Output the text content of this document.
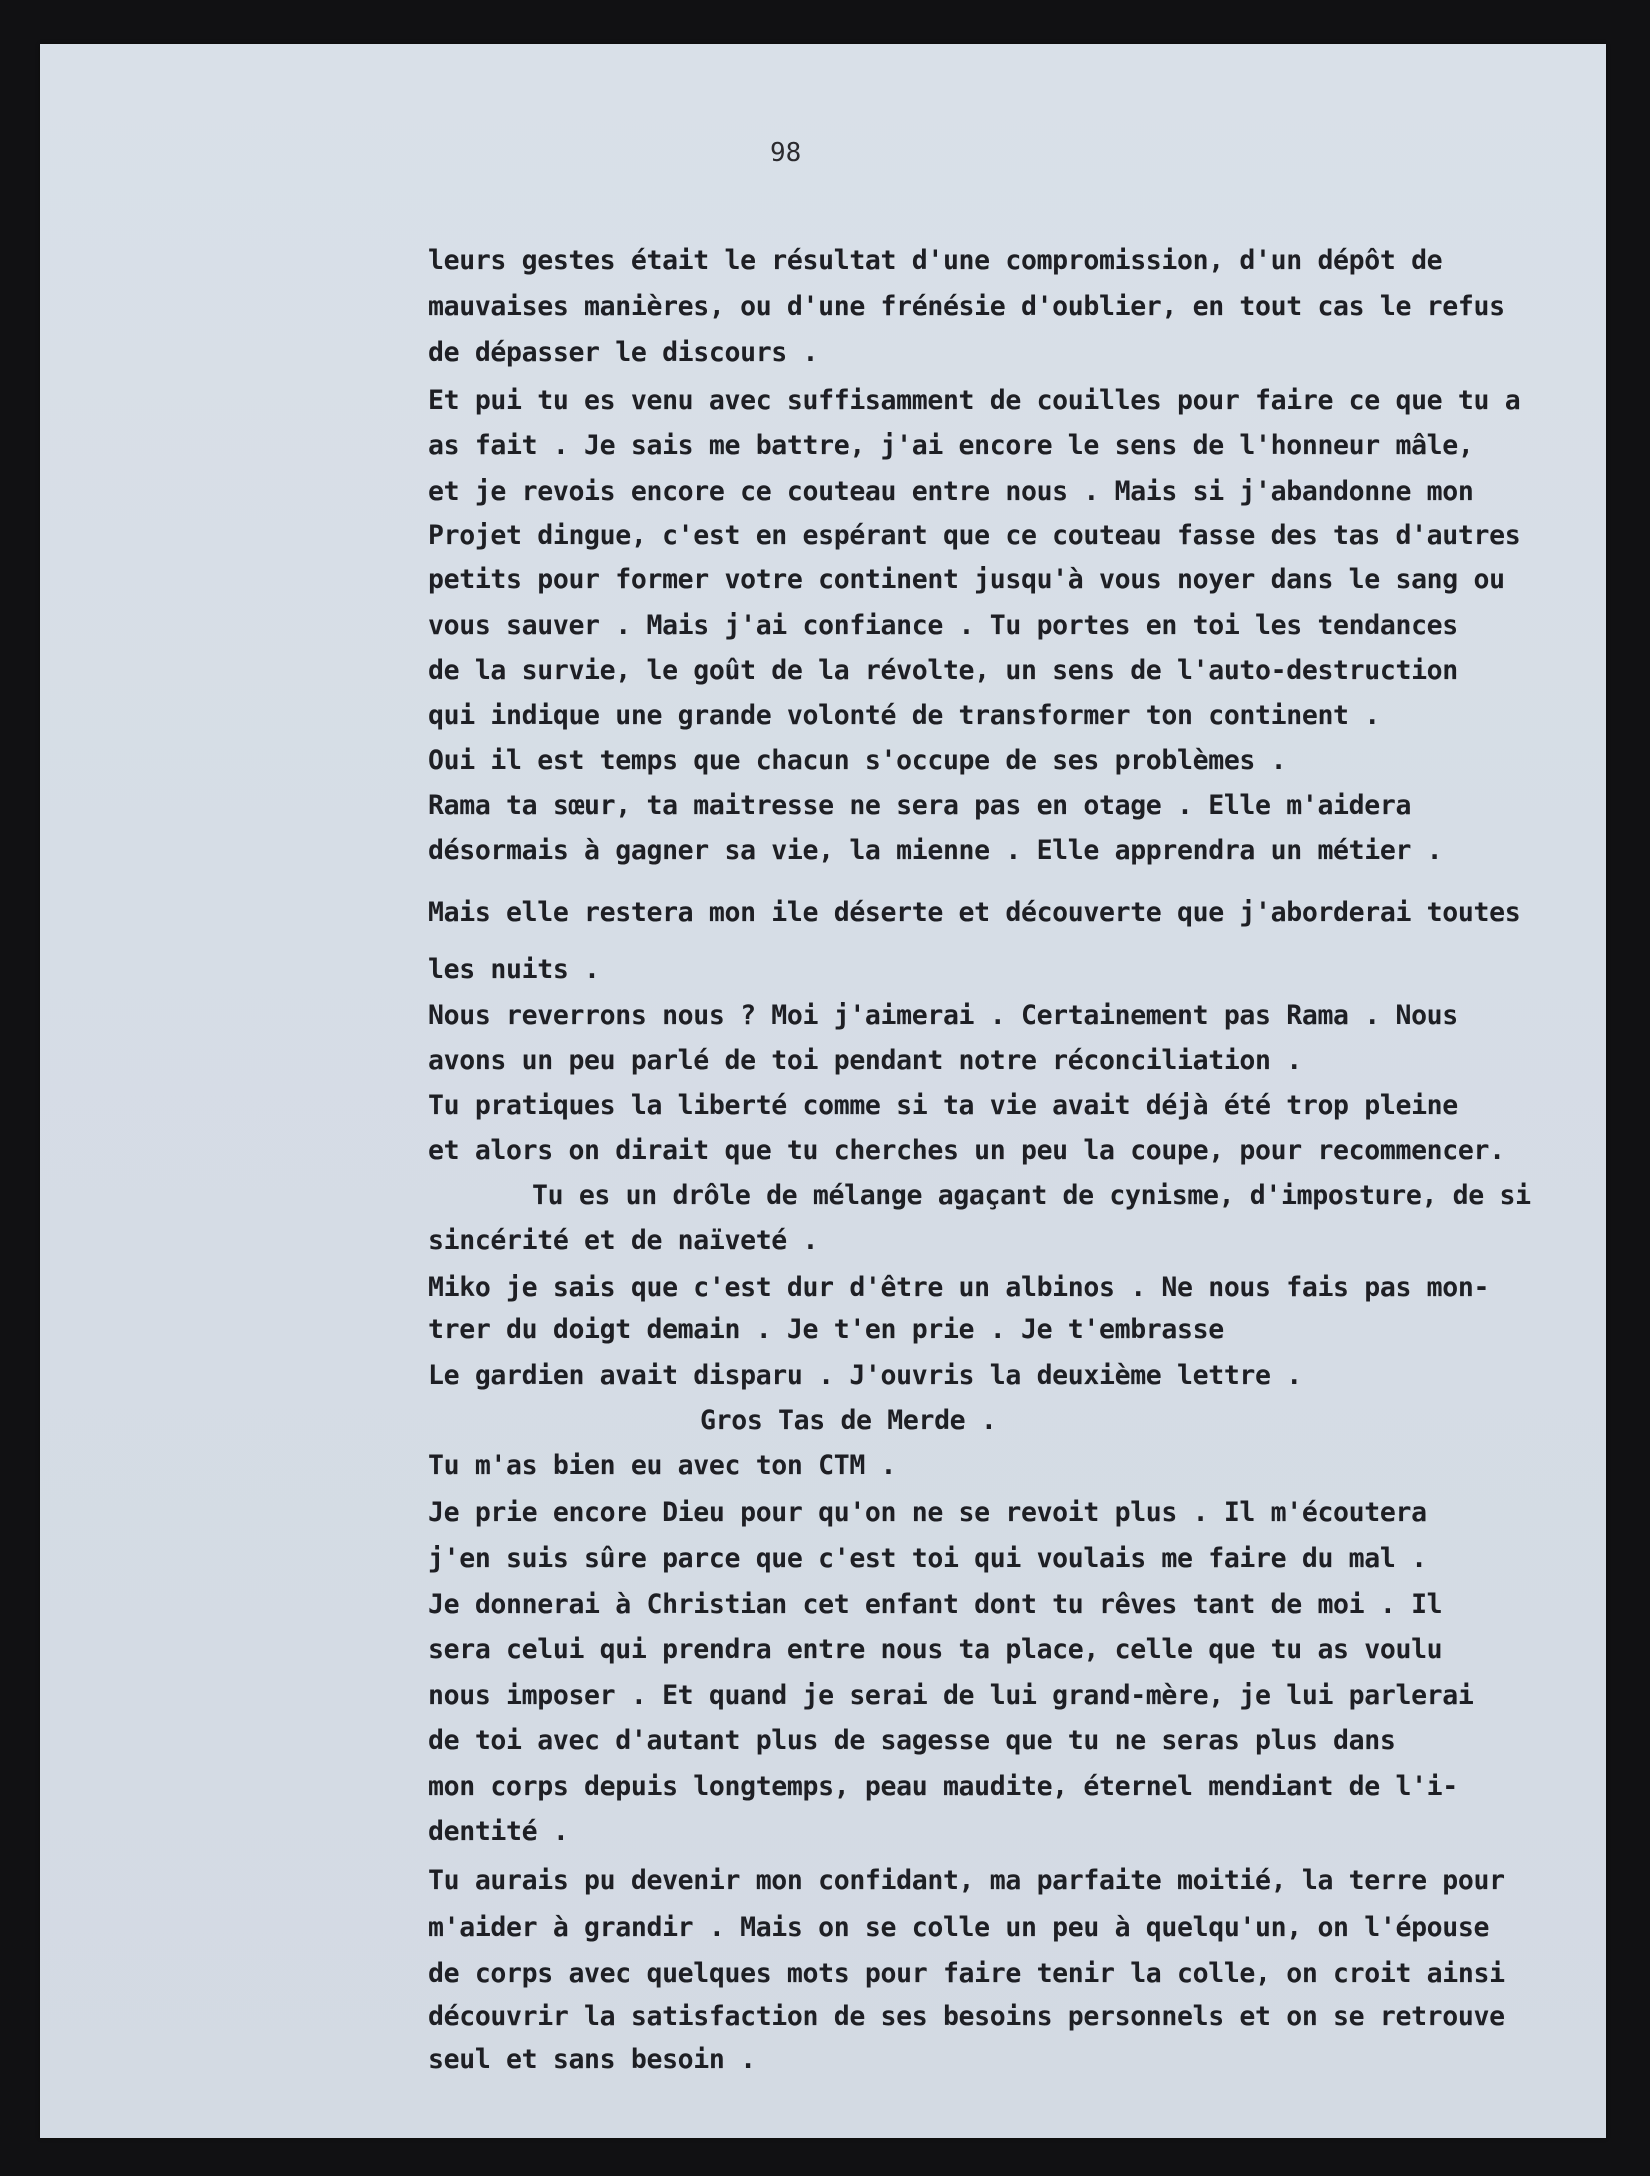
98
leurs gestes était le résultat d'une compromission, d'un dépôt de
mauvaises manières, ou d'une frénésie d'oublier, en tout cas le refus
de dépasser le discours .
Et pui tu es venu avec suffisamment de couilles pour faire ce que tu a
as fait . Je sais me battre, j'ai encore le sens de l'honneur mâle,
et je revois encore ce couteau entre nous . Mais si j'abandonne mon
Projet dingue, c'est en espérant que ce couteau fasse des tas d'autres
petits pour former votre continent jusqu'à vous noyer dans le sang ou
vous sauver . Mais j'ai confiance . Tu portes en toi les tendances
de la survie, le goût de la révolte, un sens de l'auto-destruction
qui indique une grande volonté de transformer ton continent .
Oui il est temps que chacun s'occupe de ses problèmes .
Rama ta sœur, ta maitresse ne sera pas en otage . Elle m'aidera
désormais à gagner sa vie, la mienne . Elle apprendra un métier .
Mais elle restera mon ile déserte et découverte que j'aborderai toutes
les nuits .
Nous reverrons nous ? Moi j'aimerai . Certainement pas Rama . Nous
avons un peu parlé de toi pendant notre réconciliation .
Tu pratiques la liberté comme si ta vie avait déjà été trop pleine
et alors on dirait que tu cherches un peu la coupe, pour recommencer.
Tu es un drôle de mélange agaçant de cynisme, d'imposture, de si
sincérité et de naïveté .
Miko je sais que c'est dur d'être un albinos . Ne nous fais pas mon-
trer du doigt demain . Je t'en prie . Je t'embrasse
Le gardien avait disparu . J'ouvris la deuxième lettre .
Gros Tas de Merde .
Tu m'as bien eu avec ton CTM .
Je prie encore Dieu pour qu'on ne se revoit plus . Il m'écoutera
j'en suis sûre parce que c'est toi qui voulais me faire du mal .
Je donnerai à Christian cet enfant dont tu rêves tant de moi . Il
sera celui qui prendra entre nous ta place, celle que tu as voulu
nous imposer . Et quand je serai de lui grand-mère, je lui parlerai
de toi avec d'autant plus de sagesse que tu ne seras plus dans
mon corps depuis longtemps, peau maudite, éternel mendiant de l'i-
dentité .
Tu aurais pu devenir mon confidant, ma parfaite moitié, la terre pour
m'aider à grandir . Mais on se colle un peu à quelqu'un, on l'épouse
de corps avec quelques mots pour faire tenir la colle, on croit ainsi
découvrir la satisfaction de ses besoins personnels et on se retrouve
seul et sans besoin .
